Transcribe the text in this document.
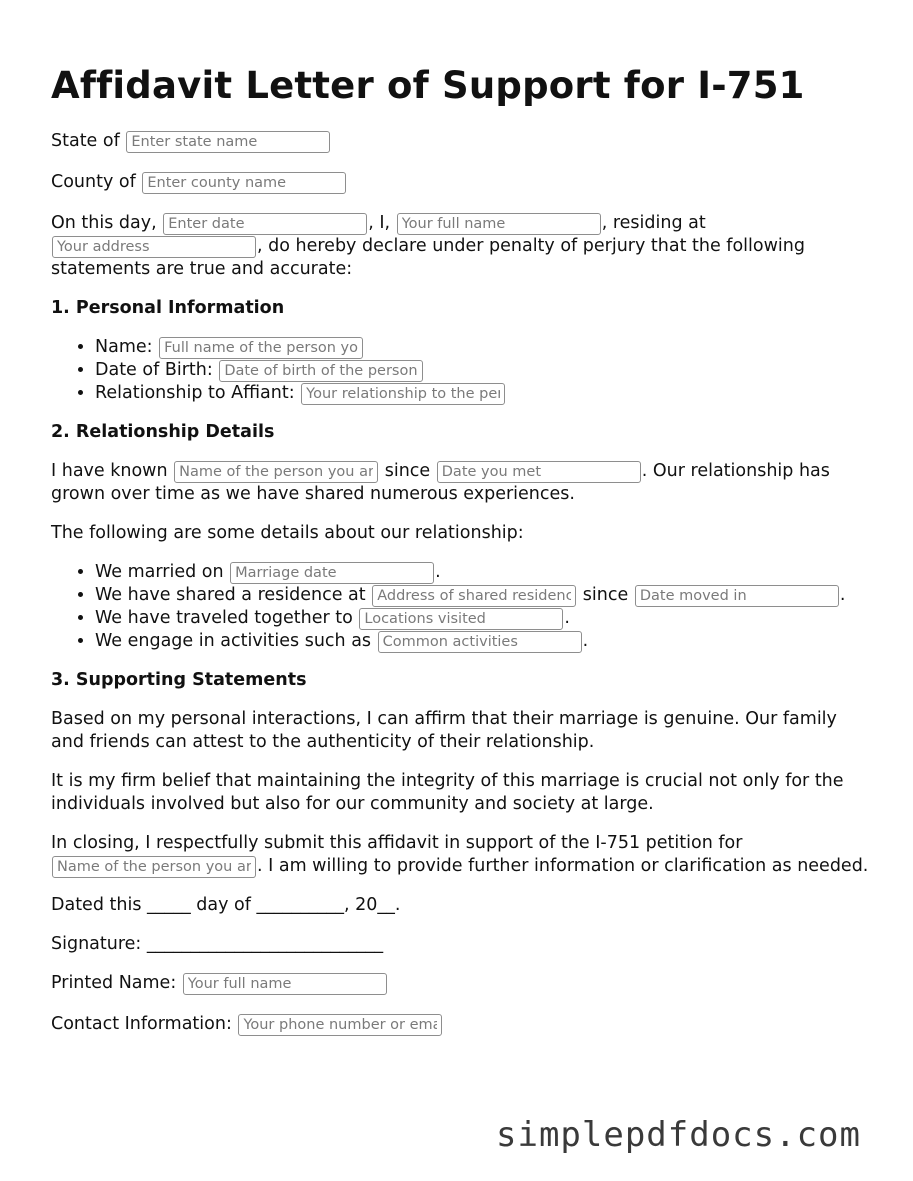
Affidavit Letter of Support for I-751

State of Enter state name

County of Enter county name

On this day, Enter date	, I, Your full name	, residing at Your address, do hereby declare under penalty of perjury that the following statements are true and accurate:

1. Personal Information
• Name: Full name of the person you are supporting
• Date of Birth: Date of birth of the person
• Relationship to Affiant: Your relationship to the person
2. Relationship Details

I have known Name of the person you are supporting	since Date you met	. Our relationship has grown over time as we have shared numerous experiences.

The following are some details about our relationship:

• We married on Marriage date	.
• We have shared a residence at Address of shared residence	since Date moved in	.
• We have traveled together to Locations visited	.
• We engage in activities such as Common activities	.
3. Supporting Statements

Based on my personal interactions, I can affirm that their marriage is genuine. Our family and friends can attest to the authenticity of their relationship.

It is my firm belief that maintaining the integrity of this marriage is crucial not only for the individuals involved but also for our community and society at large.

In closing, I respectfully submit this affidavit in support of the I-751 petition for Name of the person you are supporting. I am willing to provide further information or clarification as needed.

Dated this _____ day of __________, 20__.

Signature: ___________________________

Printed Name: Your full name

Contact Information: Your phone number or email

simplepdfdocs.com
